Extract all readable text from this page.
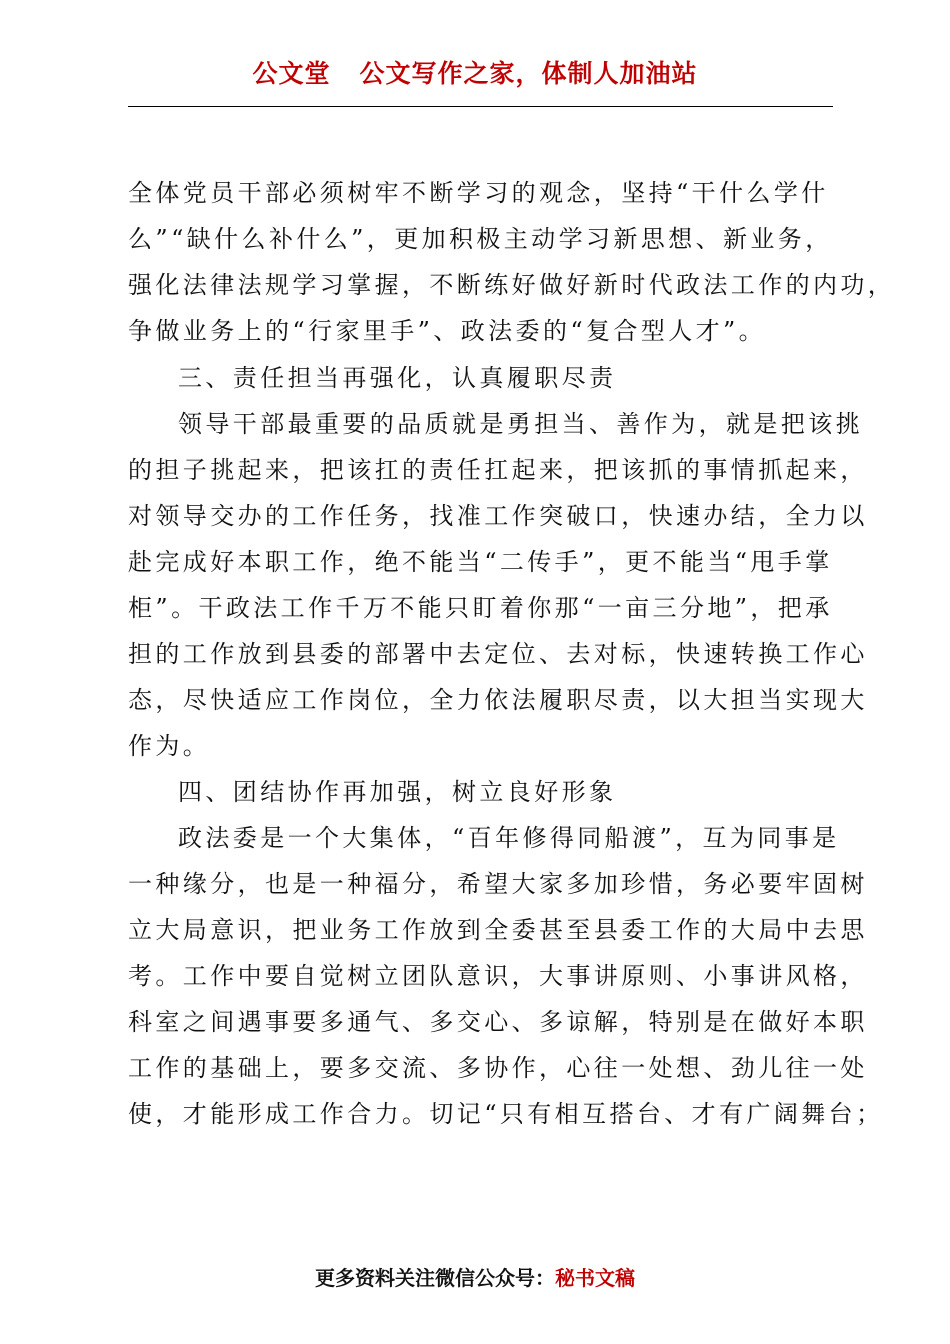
公文堂   公文写作之家，体制人加油站
全体党员干部必须树牢不断学习的观念，坚持“干什么学什
么”“缺什么补什么”，更加积极主动学习新思想、新业务，
强化法律法规学习掌握，不断练好做好新时代政法工作的内功，
争做业务上的“行家里手”、政法委的“复合型人才”。
三、责任担当再强化，认真履职尽责
领导干部最重要的品质就是勇担当、善作为，就是把该挑
的担子挑起来，把该扛的责任扛起来，把该抓的事情抓起来，
对领导交办的工作任务，找准工作突破口，快速办结，全力以
赴完成好本职工作，绝不能当“二传手”，更不能当“甩手掌
柜”。干政法工作千万不能只盯着你那“一亩三分地”，把承
担的工作放到县委的部署中去定位、去对标，快速转换工作心
态，尽快适应工作岗位，全力依法履职尽责，以大担当实现大
作为。
四、团结协作再加强，树立良好形象
政法委是一个大集体，“百年修得同船渡”，互为同事是
一种缘分，也是一种福分，希望大家多加珍惜，务必要牢固树
立大局意识，把业务工作放到全委甚至县委工作的大局中去思
考。工作中要自觉树立团队意识，大事讲原则、小事讲风格，
科室之间遇事要多通气、多交心、多谅解，特别是在做好本职
工作的基础上，要多交流、多协作，心往一处想、劲儿往一处
使，才能形成工作合力。切记“只有相互搭台、才有广阔舞台；
更多资料关注微信公众号：秘书文稿
